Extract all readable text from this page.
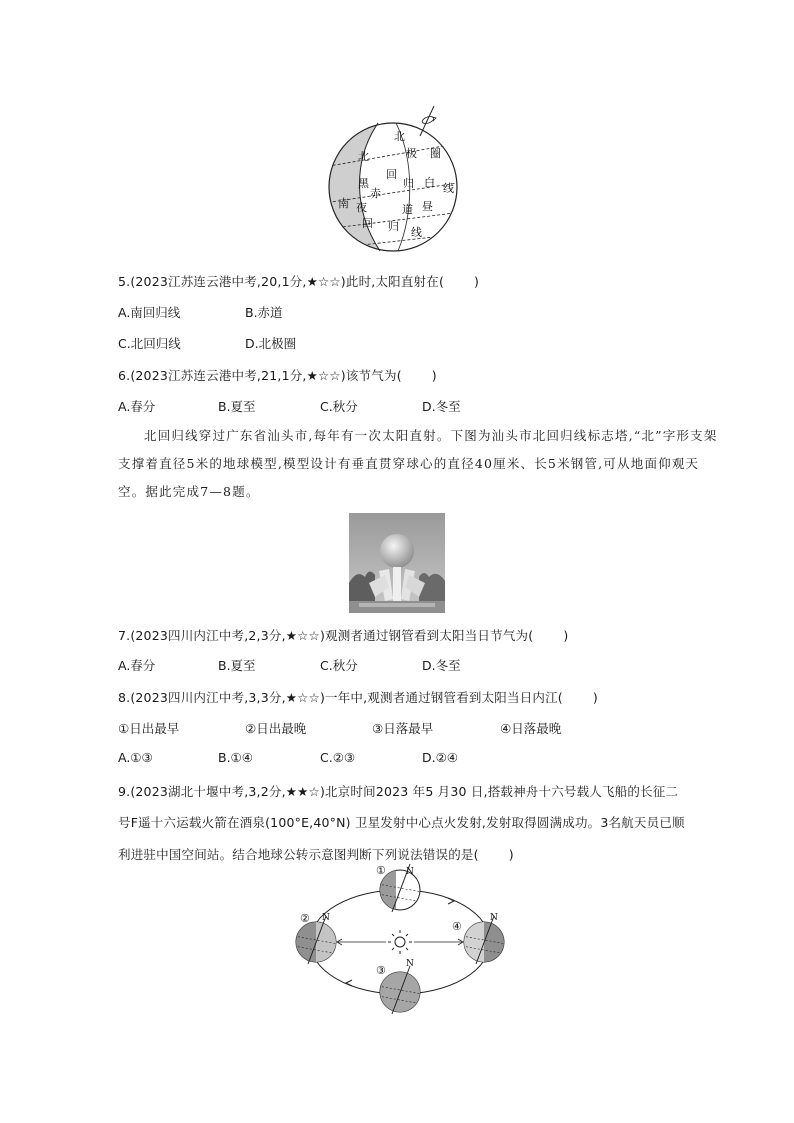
北
极 圈
北
回
归 白 线
黑
赤
南 夜
回
道 昼
归 线
5.(2023江苏连云港中考,20,1分,★☆☆)此时,太阳直射在( )
A.南回归线	B.赤道
C.北回归线	D.北极圈
6.(2023江苏连云港中考,21,1分,★☆☆)该节气为( )
A.春分	B.夏至	C.秋分	D.冬至

北回归线穿过广东省汕头市,每年有一次太阳直射。下图为汕头市北回归线标志塔,“北”字形支架

支撑着直径5米的地球模型,模型设计有垂直贯穿球心的直径40厘米、长5米钢管,可从地面仰观天

空。据此完成7—8题。

7.(2023四川内江中考,2,3分,★☆☆)观测者通过钢管看到太阳当日节气为( )
A.春分	B.夏至	C.秋分	D.冬至
8.(2023四川内江中考,3,3分,★☆☆)一年中,观测者通过钢管看到太阳当日内江( )
①日出最早	②日出最晚	③日落最早	④日落最晚
A.①③	B.①④	C.②③	D.②④
9.(2023湖北十堰中考,3,2分,★★☆)北京时间2023 年5 月30 日,搭载神舟十六号载人飞船的长征二
号F遥十六运载火箭在酒泉(100°E,40°N) 卫星发射中心点火发射,发射取得圆满成功。3名航天员已顺
利进驻中国空间站。结合地球公转示意图判断下列说法错误的是( )
①
②
③
④
N
N
N
N
